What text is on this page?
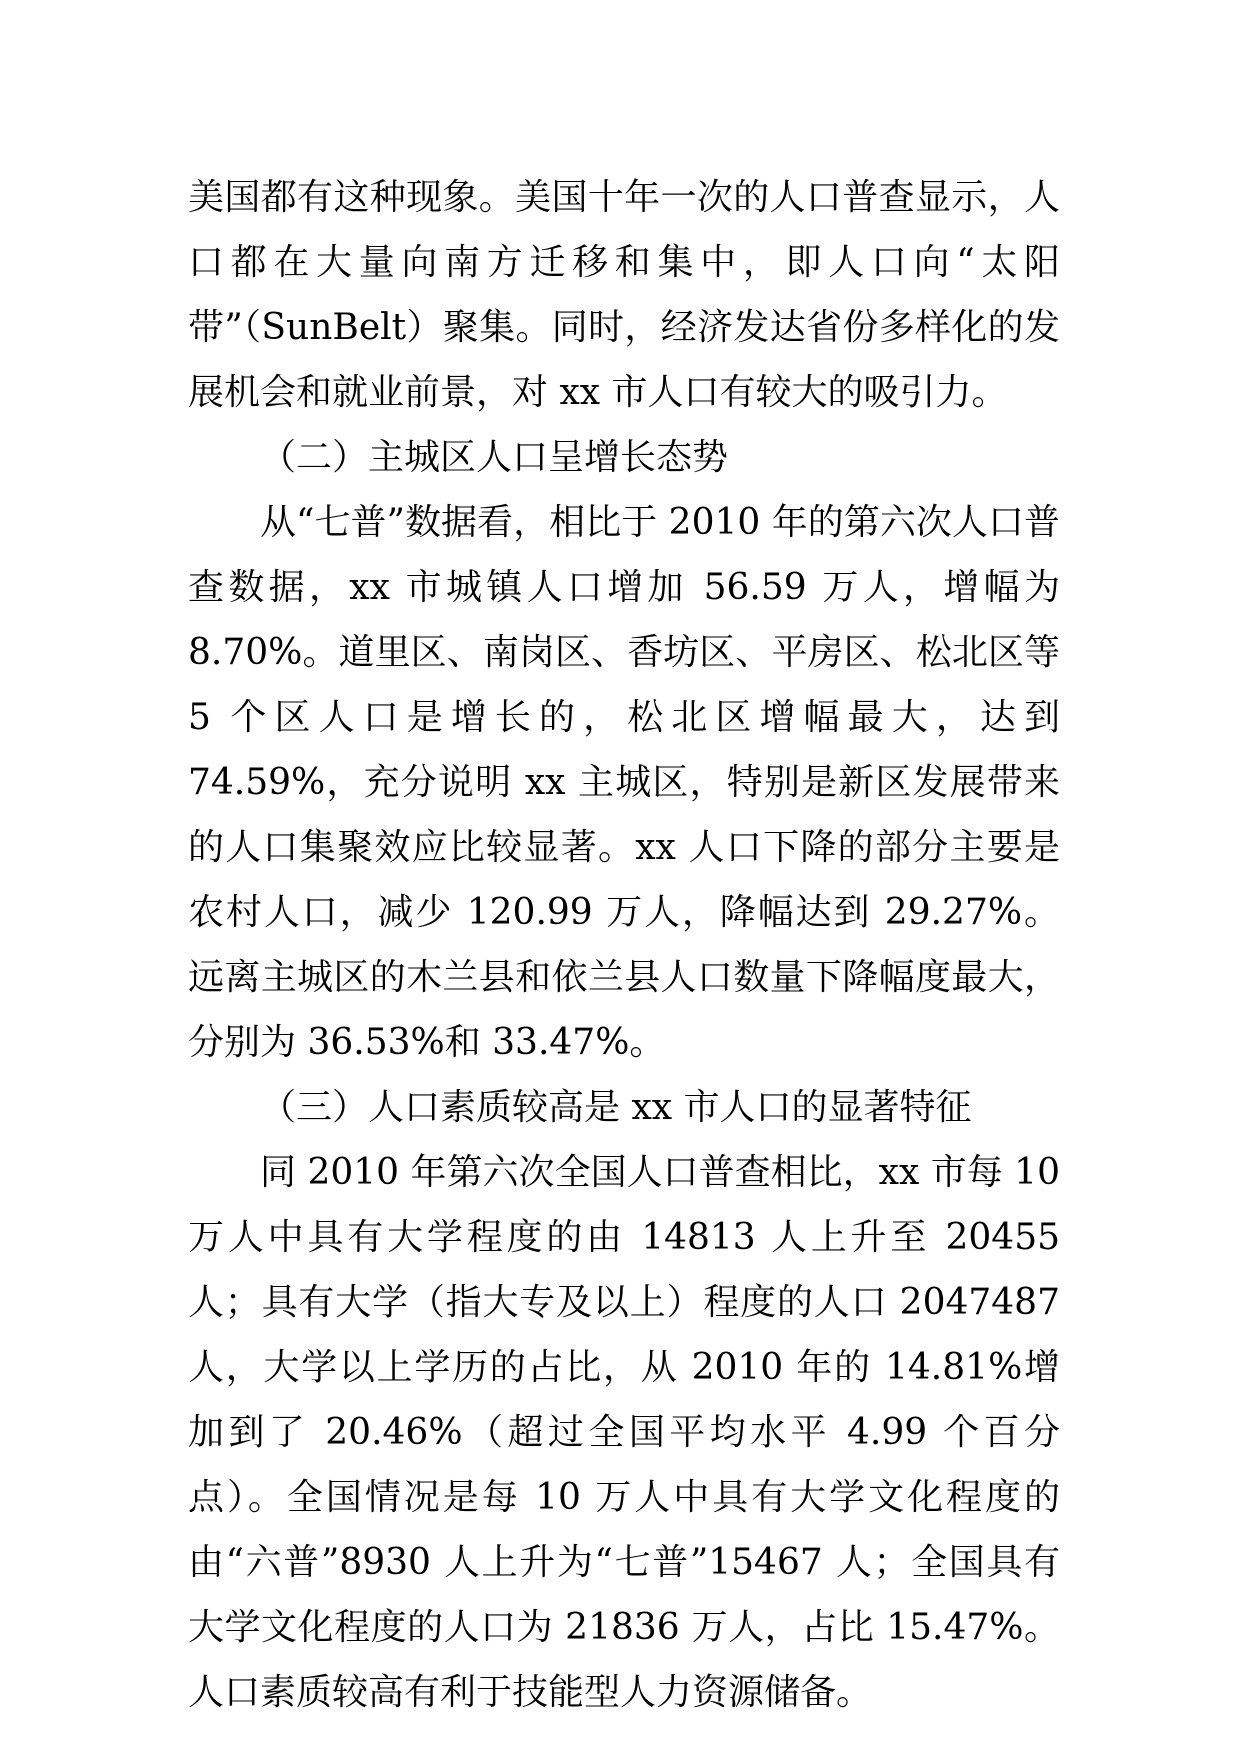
美国都有这种现象。美国十年一次的人口普查显示，人口都在大量向南方迁移和集中，即人口向“太阳带”（SunBelt）聚集。同时，经济发达省份多样化的发展机会和就业前景，对 xx 市人口有较大的吸引力。

（二）主城区人口呈增长态势

从“七普”数据看，相比于 2010 年的第六次人口普查数据，xx 市城镇人口增加 56.59 万人，增幅为 8.70%。道里区、南岗区、香坊区、平房区、松北区等 5 个区人口是增长的，松北区增幅最大，达到 74.59%，充分说明 xx 主城区，特别是新区发展带来的人口集聚效应比较显著。xx 人口下降的部分主要是农村人口，减少 120.99 万人，降幅达到 29.27%。远离主城区的木兰县和依兰县人口数量下降幅度最大，分别为 36.53%和 33.47%。

（三）人口素质较高是 xx 市人口的显著特征

同 2010 年第六次全国人口普查相比，xx 市每 10 万人中具有大学程度的由 14813 人上升至 20455 人；具有大学（指大专及以上）程度的人口 2047487 人，大学以上学历的占比，从 2010 年的 14.81%增加到了 20.46%（超过全国平均水平 4.99 个百分点）。全国情况是每 10 万人中具有大学文化程度的由“六普”8930 人上升为“七普”15467 人；全国具有大学文化程度的人口为 21836 万人，占比 15.47%。人口素质较高有利于技能型人力资源储备。
